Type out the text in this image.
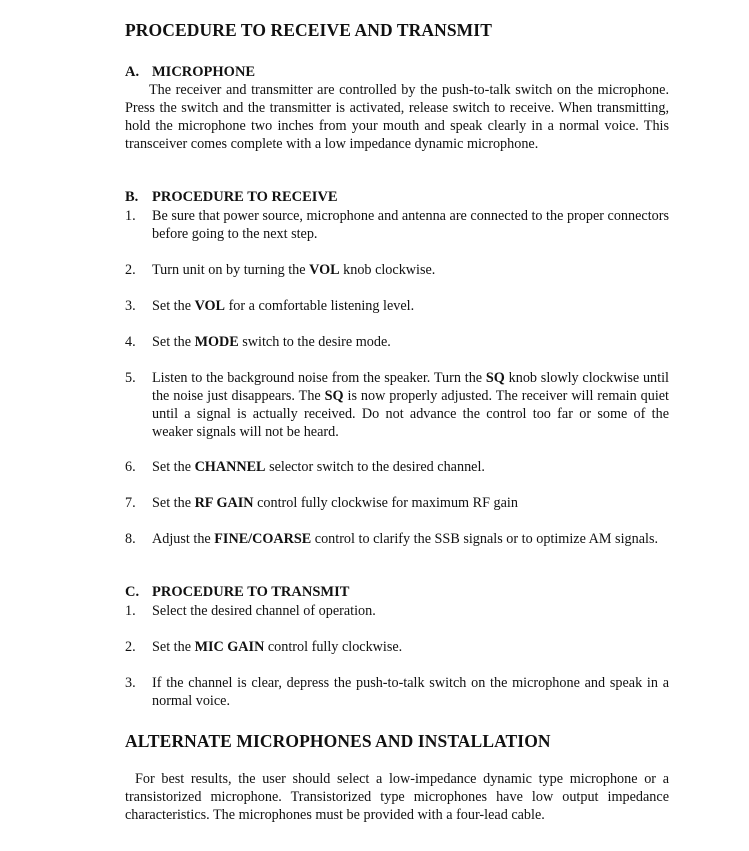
PROCEDURE TO RECEIVE AND TRANSMIT
A. MICROPHONE
The receiver and transmitter are controlled by the push-to-talk switch on the microphone. Press the switch and the transmitter is activated, release switch to receive. When transmitting, hold the microphone two inches from your mouth and speak clearly in a normal voice. This transceiver comes complete with a low impedance dynamic microphone.
B. PROCEDURE TO RECEIVE
1.	Be sure that power source, microphone and antenna are connected to the proper connectors before going to the next step.
2.	Turn unit on by turning the VOL knob clockwise.
3.	Set the VOL for a comfortable listening level.
4.	Set the MODE switch to the desire mode.
5.	Listen to the background noise from the speaker. Turn the SQ knob slowly clockwise until the noise just disappears. The SQ is now properly adjusted. The receiver will remain quiet until a signal is actually received. Do not advance the control too far or some of the weaker signals will not be heard.
6.	Set the CHANNEL selector switch to the desired channel.
7.	Set the RF GAIN control fully clockwise for maximum RF gain
8.	Adjust the FINE/COARSE control to clarify the SSB signals or to optimize AM signals.
C. PROCEDURE TO TRANSMIT
1.	Select the desired channel of operation.
2.	Set the MIC GAIN control fully clockwise.
3.	If the channel is clear, depress the push-to-talk switch on the microphone and speak in a normal voice.
ALTERNATE MICROPHONES AND INSTALLATION
For best results, the user should select a low-impedance dynamic type microphone or a transistorized microphone. Transistorized type microphones have low output impedance characteristics. The microphones must be provided with a four-lead cable.
